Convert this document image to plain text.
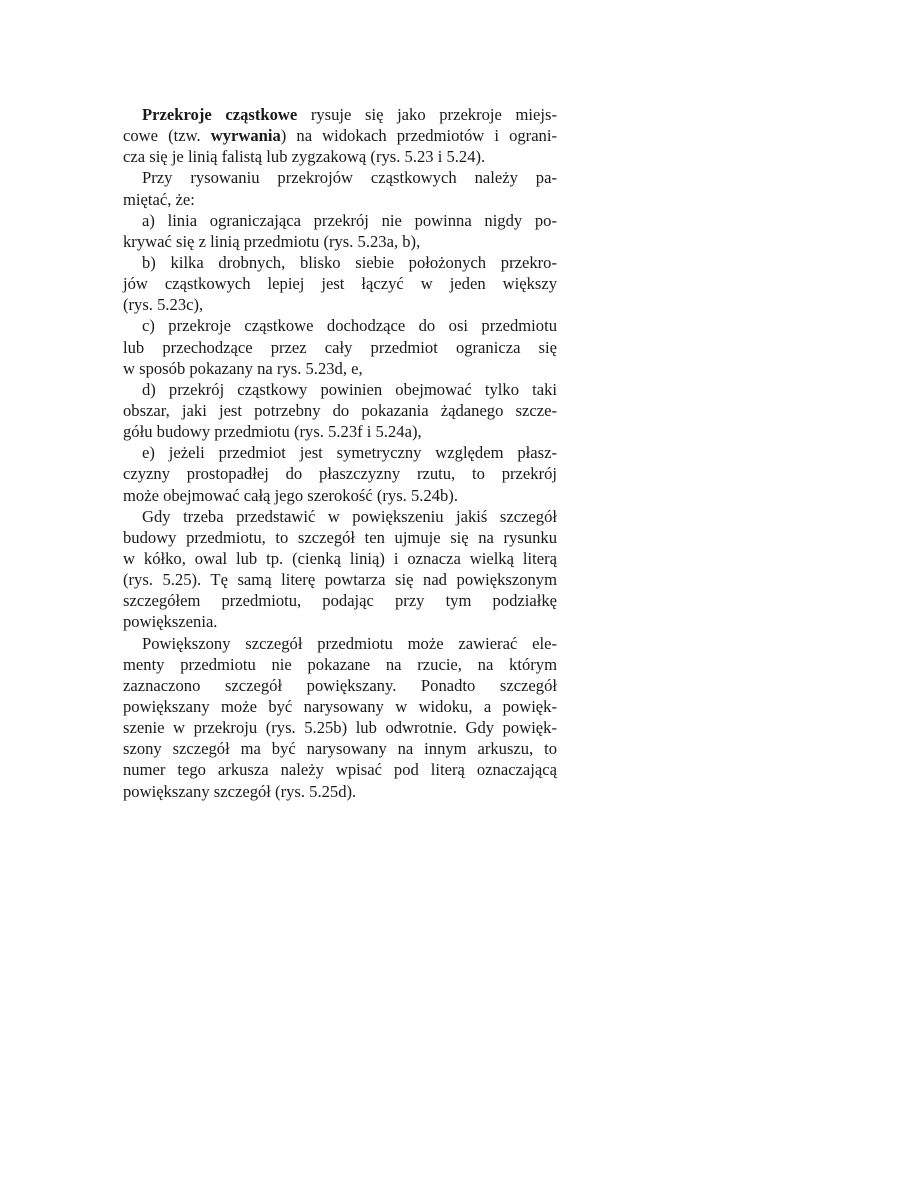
Przekroje cząstkowe rysuje się jako przekroje miejs-
cowe (tzw. wyrwania) na widokach przedmiotów i ograni-
cza się je linią falistą lub zygzakową (rys. 5.23 i 5.24).
Przy rysowaniu przekrojów cząstkowych należy pa-
miętać, że:
a) linia ograniczająca przekrój nie powinna nigdy po-
krywać się z linią przedmiotu (rys. 5.23a, b),
b) kilka drobnych, blisko siebie położonych przekro-
jów cząstkowych lepiej jest łączyć w jeden większy
(rys. 5.23c),
c) przekroje cząstkowe dochodzące do osi przedmiotu
lub przechodzące przez cały przedmiot ogranicza się
w sposób pokazany na rys. 5.23d, e,
d) przekrój cząstkowy powinien obejmować tylko taki
obszar, jaki jest potrzebny do pokazania żądanego szcze-
gółu budowy przedmiotu (rys. 5.23f i 5.24a),
e) jeżeli przedmiot jest symetryczny względem płasz-
czyzny prostopadłej do płaszczyzny rzutu, to przekrój
może obejmować całą jego szerokość (rys. 5.24b).
Gdy trzeba przedstawić w powiększeniu jakiś szczegół
budowy przedmiotu, to szczegół ten ujmuje się na rysunku
w kółko, owal lub tp. (cienką linią) i oznacza wielką literą
(rys. 5.25). Tę samą literę powtarza się nad powiększonym
szczegółem przedmiotu, podając przy tym podziałkę
powiększenia.
Powiększony szczegół przedmiotu może zawierać ele-
menty przedmiotu nie pokazane na rzucie, na którym
zaznaczono szczegół powiększany. Ponadto szczegół
powiększany może być narysowany w widoku, a powięk-
szenie w przekroju (rys. 5.25b) lub odwrotnie. Gdy powięk-
szony szczegół ma być narysowany na innym arkuszu, to
numer tego arkusza należy wpisać pod literą oznaczającą
powiększany szczegół (rys. 5.25d).
